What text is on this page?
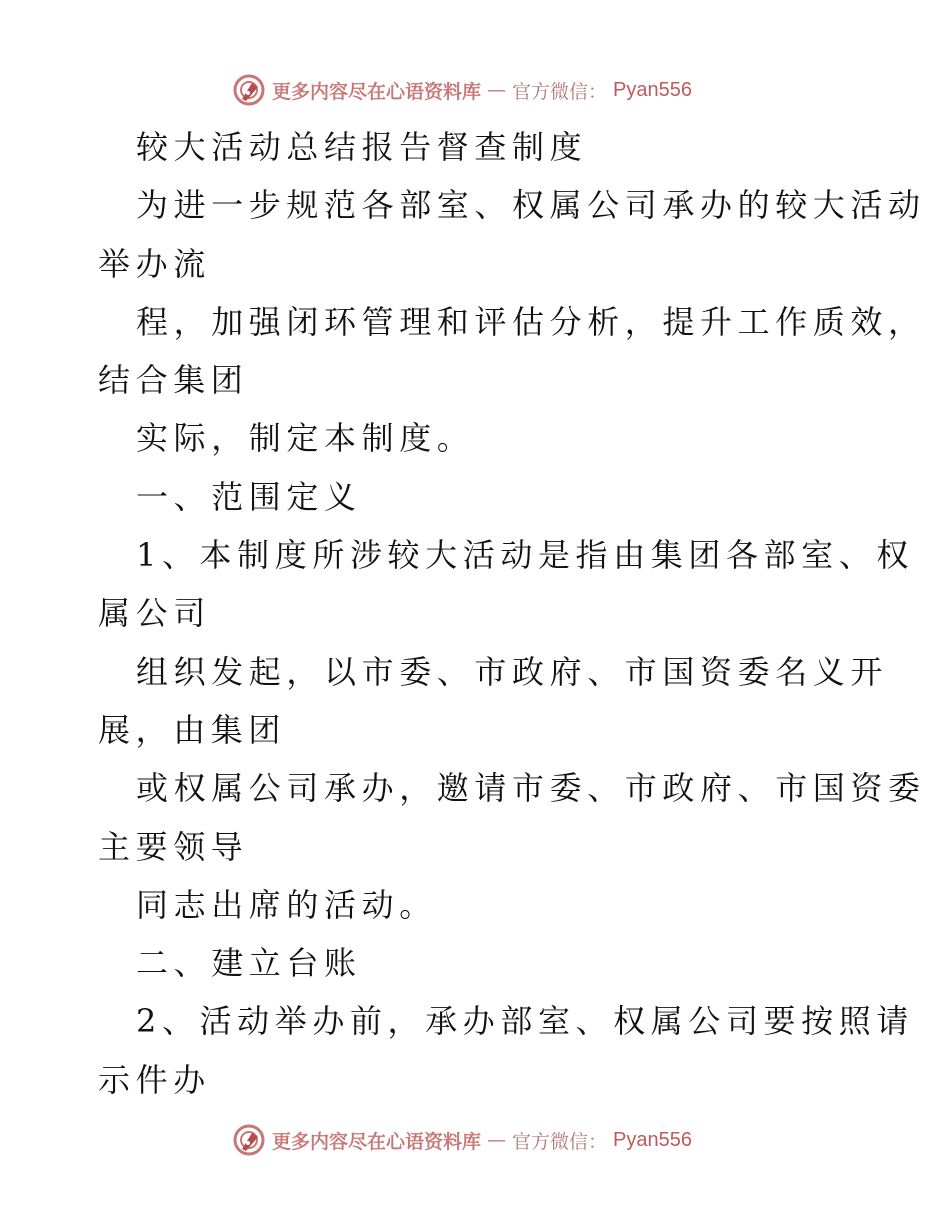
更多内容尽在心语资料库 — 官方微信： Pyan556
较大活动总结报告督查制度
为进一步规范各部室、权属公司承办的较大活动
举办流
程，加强闭环管理和评估分析，提升工作质效，
结合集团
实际，制定本制度。
一、范围定义
1、本制度所涉较大活动是指由集团各部室、权
属公司
组织发起，以市委、市政府、市国资委名义开
展，由集团
或权属公司承办，邀请市委、市政府、市国资委
主要领导
同志出席的活动。
二、建立台账
2、活动举办前，承办部室、权属公司要按照请
示件办
更多内容尽在心语资料库 — 官方微信： Pyan556
